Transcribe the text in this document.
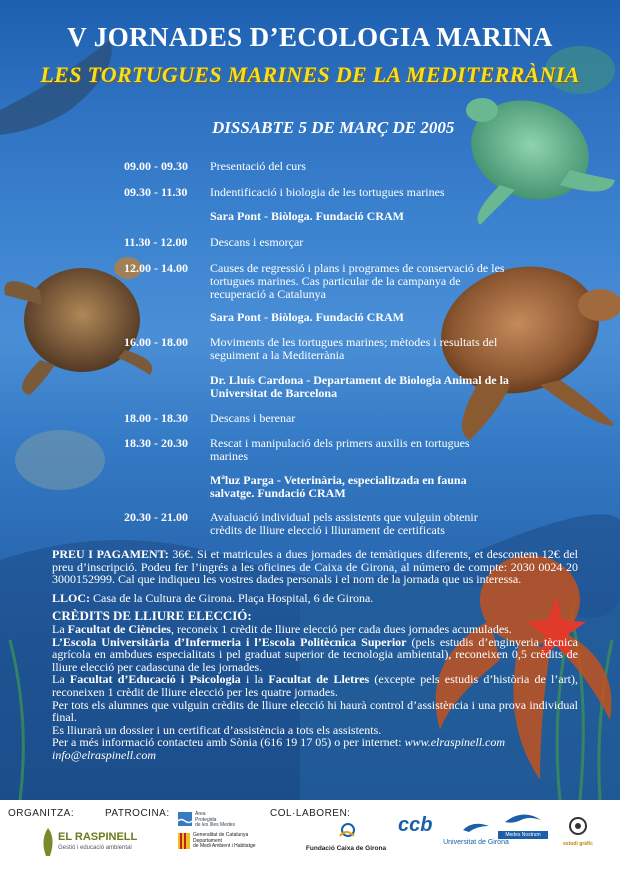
V JORNADES D’ECOLOGIA MARINA
LES TORTUGUES MARINES DE LA MEDITERRÀNIA
DISSABTE 5 DE MARÇ DE 2005
09.00 - 09.30	Presentació del curs
09.30 - 11.30	Indentificació i biologia de les tortugues marines
Sara Pont - Biòloga. Fundació CRAM
11.30 - 12.00	Descans i esmorçar
12.00 - 14.00	Causes de regressió i plans i programes de conservació de les tortugues marines. Cas particular de la campanya de recuperació a Catalunya
Sara Pont - Biòloga. Fundació CRAM
16.00 - 18.00	Moviments de les tortugues marines; mètodes i resultats del seguiment a la Mediterrània
Dr. Lluís Cardona - Departament de Biologia Animal de la Universitat de Barcelona
18.00 - 18.30	Descans i berenar
18.30 - 20.30	Rescat i manipulació dels primers auxilis en tortugues marines
Mªluz Parga - Veterinària, especialitzada en fauna salvatge. Fundació CRAM
20.30 - 21.00	Avaluació individual pels assistents que vulguin obtenir crèdits de lliure elecció i lliurament de certificats

PREU I PAGAMENT: 36€. Si et matricules a dues jornades de temàtiques diferents, et descontem 12€ del preu d’inscripció. Podeu fer l’ingrés a les oficines de Caixa de Girona, al número de compte: 2030 0024 20 3000152999. Cal que indiqueu les vostres dades personals i el nom de la jornada que us interessa.

LLOC: Casa de la Cultura de Girona. Plaça Hospital, 6 de Girona.

CRÈDITS DE LLIURE ELECCIÓ:
La Facultat de Ciències, reconeix 1 crèdit de lliure elecció per cada dues jornades acumulades.
L’Escola Universitària d’Infermeria i l’Escola Politècnica Superior (pels estudis d’enginyeria tècnica agrícola en ambdues especialitats i pel graduat superior de tecnologia ambiental), reconeixen 0,5 crèdits de lliure elecció per cadascuna de les jornades.
La Facultat d’Educació i Psicologia i la Facultat de Lletres (excepte pels estudis d’història de l’art), reconeixen 1 crèdit de lliure elecció per les quatre jornades.
Per tots els alumnes que vulguin crèdits de lliure elecció hi haurà control d’assistència i una prova individual final.
Es lliurarà un dossier i un certificat d’assistència a tots els assistents.
Per a més informació contacteu amb Sònia (616 19 17 05) o per internet: www.elraspinell.com
info@elraspinell.com
ORGANITZA:	PATROCINA:	COL·LABOREN:
EL RASPINELL
Gestió i educació ambiental
Àrea
Protegida
de les Illes Medes
Generalitat de Catalunya
Departament
de Medi Ambient i Habitatge	Fundació Caixa de Girona
ccb
Universitat de Girona
Medes Nostrum
estudi gràfic
